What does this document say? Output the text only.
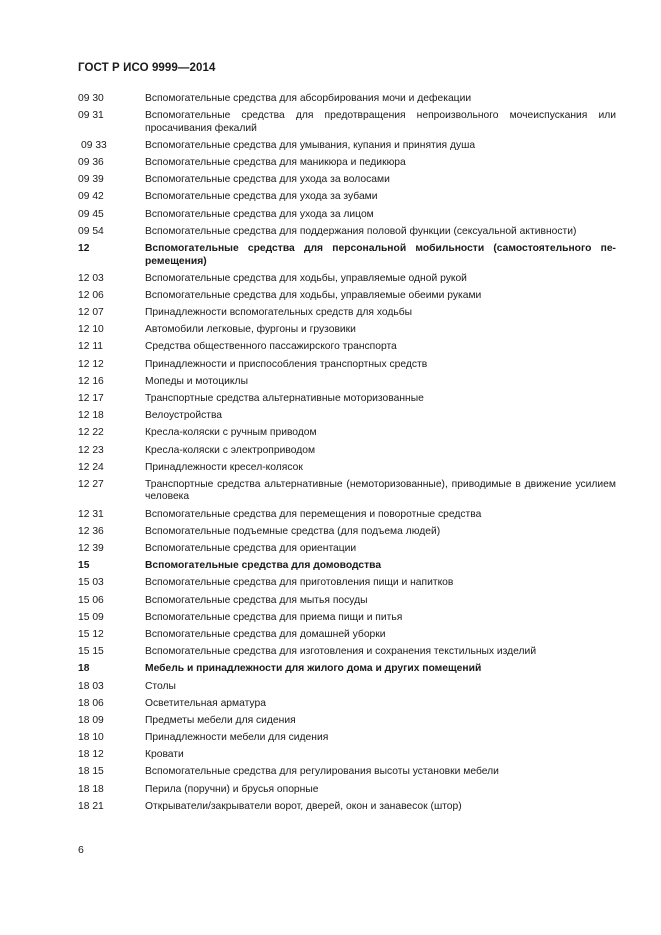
ГОСТ Р ИСО 9999—2014
09 30	Вспомогательные средства для абсорбирования мочи и дефекации
09 31	Вспомогательные средства для предотвращения непроизвольного мочеиспускания или просачивания фекалий
09 33	Вспомогательные средства для умывания, купания и принятия душа
09 36	Вспомогательные средства для маникюра и педикюра
09 39	Вспомогательные средства для ухода за волосами
09 42	Вспомогательные средства для ухода за зубами
09 45	Вспомогательные средства для ухода за лицом
09 54	Вспомогательные средства для поддержания половой функции (сексуальной активности)
12	Вспомогательные средства для персональной мобильности (самостоятельного пе-ремещения)
12 03	Вспомогательные средства для ходьбы, управляемые одной рукой
12 06	Вспомогательные средства для ходьбы, управляемые обеими руками
12 07	Принадлежности вспомогательных средств для ходьбы
12 10	Автомобили легковые, фургоны и грузовики
12 11	Средства общественного пассажирского транспорта
12 12	Принадлежности и приспособления транспортных средств
12 16	Мопеды и мотоциклы
12 17	Транспортные средства альтернативные моторизованные
12 18	Велоустройства
12 22	Кресла-коляски с ручным приводом
12 23	Кресла-коляски с электроприводом
12 24	Принадлежности кресел-колясок
12 27	Транспортные средства альтернативные (немоторизованные), приводимые в движение усилием человека
12 31	Вспомогательные средства для перемещения и поворотные средства
12 36	Вспомогательные подъемные средства (для подъема людей)
12 39	Вспомогательные средства для ориентации
15	Вспомогательные средства для домоводства
15 03	Вспомогательные средства для приготовления пищи и напитков
15 06	Вспомогательные средства для мытья посуды
15 09	Вспомогательные средства для приема пищи и питья
15 12	Вспомогательные средства для домашней уборки
15 15	Вспомогательные средства для изготовления и сохранения текстильных изделий
18	Мебель и принадлежности для жилого дома и других помещений
18 03	Столы
18 06	Осветительная арматура
18 09	Предметы мебели для сидения
18 10	Принадлежности мебели для сидения
18 12	Кровати
18 15	Вспомогательные средства для регулирования высоты установки мебели
18 18	Перила (поручни) и брусья опорные
18 21	Открыватели/закрыватели ворот, дверей, окон и занавесок (штор)
6
